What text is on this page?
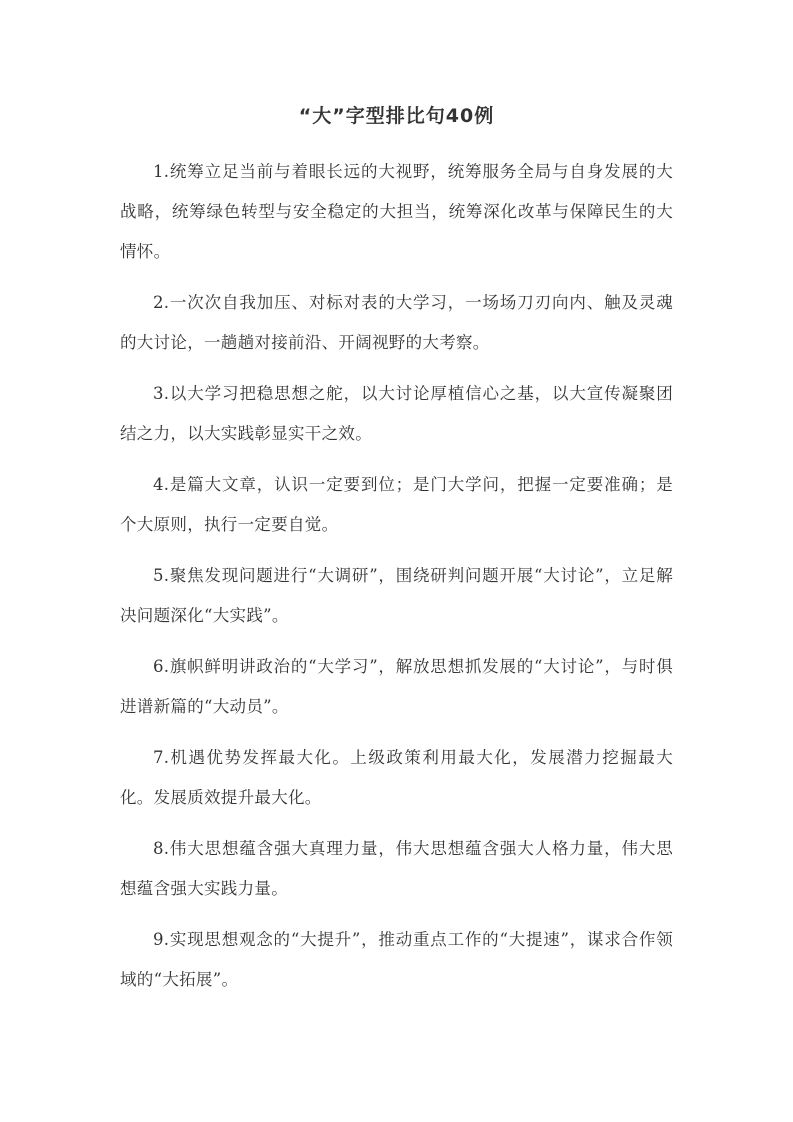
“大”字型排比句40例

1.统筹立足当前与着眼长远的大视野，统筹服务全局与自身发展的大战略，统筹绿色转型与安全稳定的大担当，统筹深化改革与保障民生的大情怀。

2.一次次自我加压、对标对表的大学习，一场场刀刃向内、触及灵魂的大讨论，一趟趟对接前沿、开阔视野的大考察。

3.以大学习把稳思想之舵，以大讨论厚植信心之基，以大宣传凝聚团结之力，以大实践彰显实干之效。

4.是篇大文章，认识一定要到位；是门大学问，把握一定要准确；是个大原则，执行一定要自觉。

5.聚焦发现问题进行“大调研”，围绕研判问题开展“大讨论”，立足解决问题深化“大实践”。

6.旗帜鲜明讲政治的“大学习”，解放思想抓发展的“大讨论”，与时俱进谱新篇的“大动员”。

7.机遇优势发挥最大化。上级政策利用最大化，发展潜力挖掘最大化。发展质效提升最大化。

8.伟大思想蕴含强大真理力量，伟大思想蕴含强大人格力量，伟大思想蕴含强大实践力量。

9.实现思想观念的“大提升”，推动重点工作的“大提速”，谋求合作领域的“大拓展”。
